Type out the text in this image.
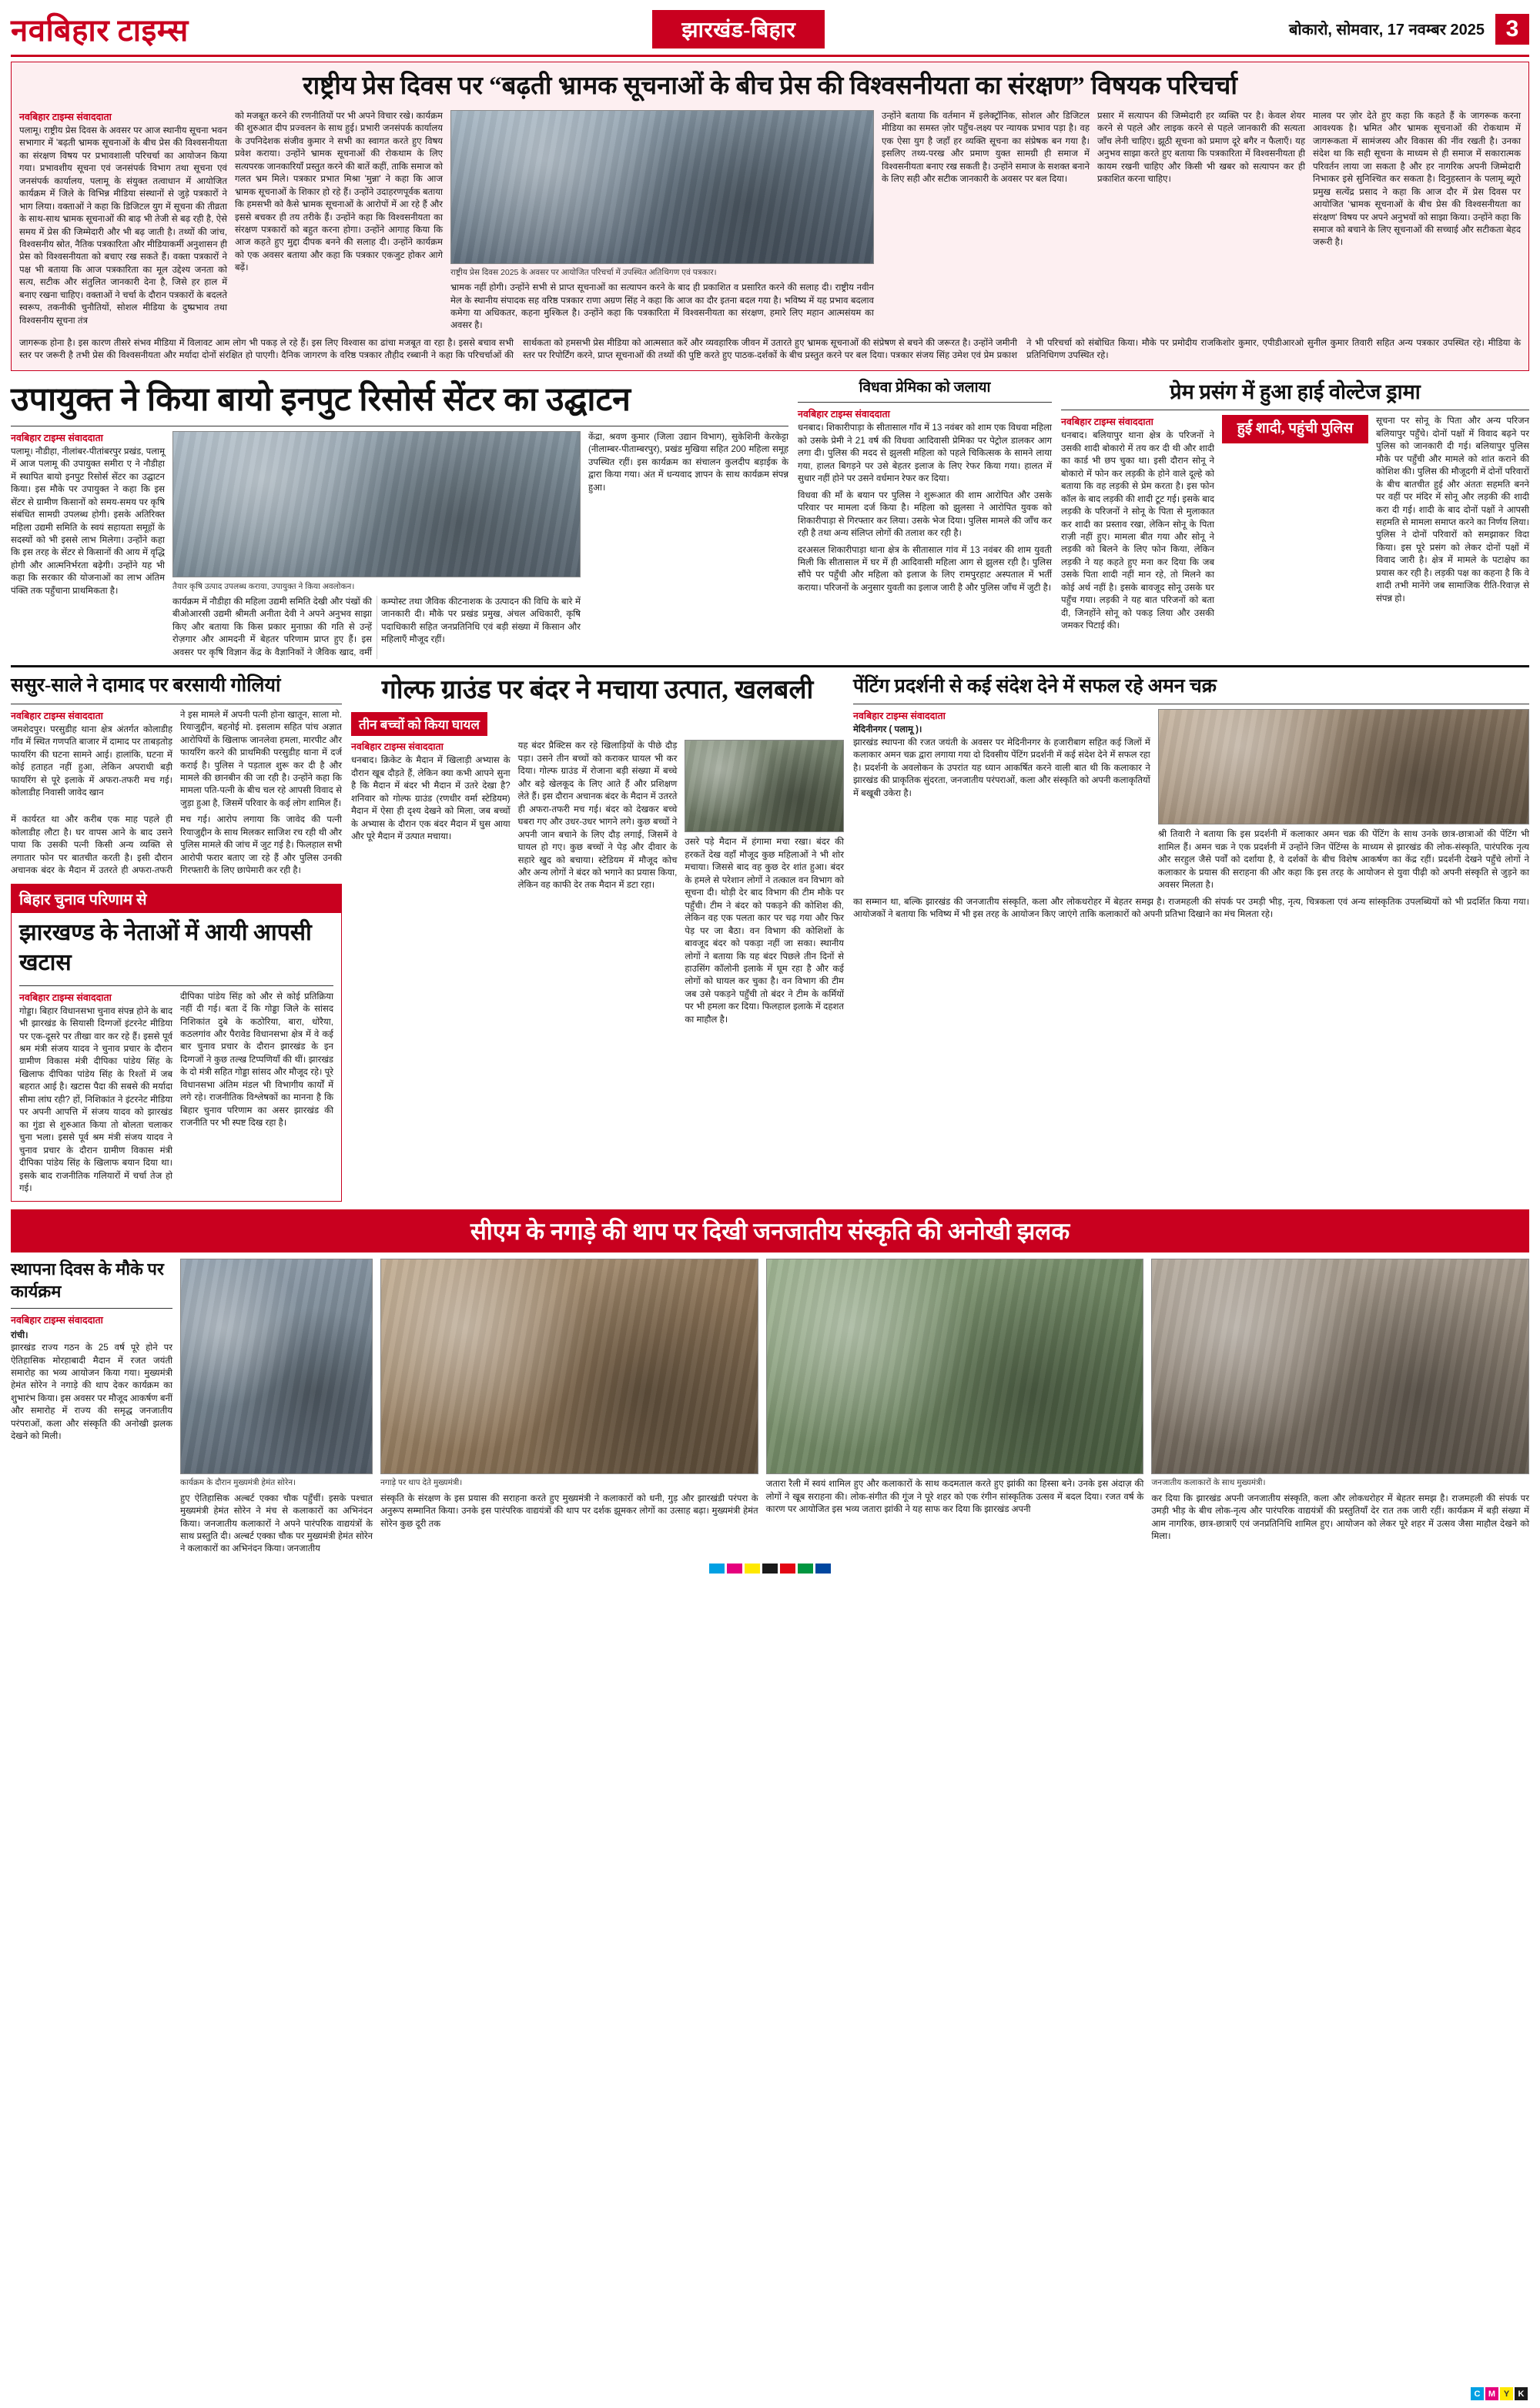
नवबिहार टाइम्स	झारखंड-बिहार	बोकारो, सोमवार, 17 नवम्बर 2025 3
राष्ट्रीय प्रेस दिवस पर “बढ़ती भ्रामक सूचनाओं के बीच प्रेस की विश्वसनीयता का संरक्षण” विषयक परिचर्चा
नवबिहार टाइम्स संवाददाता
पलामू। राष्ट्रीय प्रेस दिवस के अवसर पर आज स्थानीय सूचना भवन सभागार में 'बढ़ती भ्रामक सूचनाओं के बीच प्रेस की विश्वसनीयता का संरक्षण विषय पर प्रभावशाली परिचर्चा का आयोजन किया गया। प्रभावशीय सूचना एवं जनसंपर्क विभाग तथा सूचना एवं जनसंपर्क कार्यालय, पलामू के संयुक्त तत्वाधान में आयोजित कार्यक्रम में जिले के विभिन्न मीडिया संस्थानों से जुड़े पत्रकारों ने भाग लिया। वक्ताओं ने कहा कि डिजिटल युग में सूचना की तीव्रता के साथ-साथ भ्रामक सूचनाओं की बाढ़ भी तेजी से बढ़ रही है, ऐसे समय में प्रेस की जिम्मेदारी और भी बढ़ जाती है। तथ्यों की जांच, विश्वसनीय स्रोत, नैतिक पत्रकारिता और मीडियाकर्मी अनुशासन ही प्रेस को विश्वसनीयता को बचाए रख सकते हैं। वक्ता पत्रकारों ने पक्ष भी बताया कि आज पत्रकारिता का मूल उद्देश्य जनता को सत्य, सटीक और संतुलित जानकारी देना है, जिसे हर हाल में बनाए रखना चाहिए। वक्ताओं ने चर्चा के दौरान पत्रकारों के बदलते स्वरूप, तकनीकी चुनौतियों, सोशल मीडिया के दुष्प्रभाव तथा विश्वसनीय सूचना तंत्र
को मजबूत करने की रणनीतियों पर भी अपने विचार रखे। कार्यक्रम की शुरुआत दीप प्रज्वलन के साथ हुई। प्रभारी जनसंपर्क कार्यालय के उपनिदेशक संजीव कुमार ने सभी का स्वागत करते हुए विषय प्रवेश कराया। उन्होंने भ्रामक सूचनाओं की रोकथाम के लिए सत्यपरक जानकारियाँ प्रस्तुत करने की बातें कहीं, ताकि समाज को गलत भ्रम मिले। पत्रकार प्रभात मिश्रा 'मुन्ना' ने कहा कि आज भ्रामक सूचनाओं के शिकार हो रहे हैं। उन्होंने उदाहरणपूर्वक बताया कि हमसभी को कैसे भ्रामक सूचनाओं के आरोपों में आ रहे हैं और इससे बचकर ही तय तरीके हैं। उन्होंने कहा कि विश्वसनीयता का संरक्षण पत्रकारों को बहुत करना होगा। उन्होंने आगाह किया कि आज कहते हुए मुद्दा दीपक बनने की सलाह दी। उन्होंने कार्यक्रम को एक अवसर बताया और कहा कि पत्रकार एकजुट होकर आगे बढ़ें।	राष्ट्रीय प्रेस दिवस 2025 के अवसर पर आयोजित परिचर्चा में उपस्थित अतिथिगण एवं पत्रकार।
भ्रामक नहीं होगी। उन्होंने सभी से प्राप्त सूचनाओं का सत्यापन करने के बाद ही प्रकाशित व प्रसारित करने की सलाह दी। राष्ट्रीय नवीन मेल के स्थानीय संपादक सह वरिष्ठ पत्रकार राणा अग्रण सिंह ने कहा कि आज का दौर इतना बदल गया है। भविष्य में यह प्रभाव बदलाव कमेगा या अधिकतर, कहना मुश्किल है। उन्होंने कहा कि पत्रकारिता में विश्वसनीयता का संरक्षण, हमारे लिए महान आत्मसंयम का अवसर है।
उन्होंने बताया कि वर्तमान में इलेक्ट्रॉनिक, सोशल और डिजिटल मीडिया का समस्त ज़ोर पहुँच-लक्ष्य पर न्यायक प्रभाव पड़ा है। वह एक ऐसा युग है जहाँ हर व्यक्ति सूचना का संप्रेषक बन गया है। इसलिए तथ्य-परख और प्रमाण युक्त सामग्री ही समाज में विश्वसनीयता बनाए रख सकती है। उन्होंने समाज के सशक्त बनाने के लिए सही और सटीक जानकारी के अवसर पर बल दिया।
प्रसार में सत्यापन की जिम्मेदारी हर व्यक्ति पर है। केवल शेयर करने से पहले और लाइक करने से पहले जानकारी की सत्यता जाँच लेनी चाहिए। झूठी सूचना को प्रमाण दूरे बगैर न फैलाएँ। यह अनुभव साझा करते हुए बताया कि पत्रकारिता में विश्वसनीयता ही कायम रखनी चाहिए और किसी भी खबर को सत्यापन कर ही प्रकाशित करना चाहिए।
मालव पर ज़ोर देते हुए कहा कि कहते हैं के जागरूक करना आवश्यक है। भ्रमित और भ्रामक सूचनाओं की रोकथाम में जागरूकता में सामंजस्य और विकास की नींव रखती है। उनका संदेश था कि सही सूचना के माध्यम से ही समाज में सकारात्मक परिवर्तन लाया जा सकता है और हर नागरिक अपनी जिम्मेदारी निभाकर इसे सुनिश्चित कर सकता है। दिनुहस्तान के पलामू ब्यूरो प्रमुख सत्येंद्र प्रसाद ने कहा कि आज दौर में प्रेस दिवस पर आयोजित 'भ्रामक सूचनाओं के बीच प्रेस की विश्वसनीयता का संरक्षण' विषय पर अपने अनुभवों को साझा किया। उन्होंने कहा कि समाज को बचाने के लिए सूचनाओं की सच्चाई और सटीकता बेहद जरूरी है।
जागरूक होना है। इस कारण तीसरे संभव मीडिया में विलावट आम लोग भी पकड़ ले रहे हैं। इस लिए विश्वास का ढांचा मजबूत वा रहा है। इससे बचाव सभी स्तर पर जरूरी है तभी प्रेस की विश्वसनीयता और मर्यादा दोनों संरक्षित हो पाएगी। दैनिक जागरण के वरिष्ठ पत्रकार तौहीद रब्बानी ने कहा कि परिचर्चाओं की सार्थकता को हमसभी प्रेस मीडिया को आत्मसात करें और व्यवहारिक जीवन में उतारते हुए भ्रामक सूचनाओं की संप्रेषण से बचने की जरूरत है। उन्होंने जमीनी स्तर पर रिपोर्टिंग करने, प्राप्त सूचनाओं की तथ्यों की पुष्टि करते हुए पाठक-दर्शकों के बीच प्रस्तुत करने पर बल दिया। पत्रकार संजय सिंह उमेश एवं प्रेम प्रकाश ने भी परिचर्चा को संबोधित किया। मौके पर प्रमोदीय राजकिशोर कुमार, एपीडीआरओ सुनील कुमार तिवारी सहित अन्य पत्रकार उपस्थित रहे। मीडिया के प्रतिनिधिगण उपस्थित रहे।
उपायुक्त ने किया बायो इनपुट रिसोर्स सेंटर का उद्घाटन
नवबिहार टाइम्स संवाददाता
पलामू। नौडीहा, नीलांबर-पीतांबरपुर प्रखंड, पलामू में आज पलामू की उपायुक्त समीरा ए ने नौडीहा में स्थापित बायो इनपुट रिसोर्स सेंटर का उद्घाटन किया। इस मौके पर उपायुक्त ने कहा कि इस सेंटर से ग्रामीण किसानों को समय-समय पर कृषि संबंधित सामग्री उपलब्ध होगी। इसके अतिरिक्त महिला उद्यमी समिति के स्वयं सहायता समूहों के सदस्यों को भी इससे लाभ मिलेगा। उन्होंने कहा कि इस तरह के सेंटर से किसानों की आय में वृद्धि होगी और आत्मनिर्भरता बढ़ेगी। उन्होंने यह भी कहा कि सरकार की योजनाओं का लाभ अंतिम पंक्ति तक पहुँचाना प्राथमिकता है।	तैयार कृषि उत्पाद उपलब्ध कराया, उपायुक्त ने किया अवलोकन।
कार्यक्रम में नौडीहा की महिला उद्यमी समिति देखी और पंखों की बीओआरसी उद्यमी श्रीमती अनीता देवी ने अपने अनुभव साझा किए और बताया कि किस प्रकार मुनाफ़ा की गति से उन्हें रोज़गार और आमदनी में बेहतर परिणाम प्राप्त हुए हैं। इस अवसर पर कृषि विज्ञान केंद्र के वैज्ञानिकों ने जैविक खाद, वर्मी कम्पोस्ट तथा जैविक कीटनाशक के उत्पादन की विधि के बारे में जानकारी दी। मौके पर प्रखंड प्रमुख, अंचल अधिकारी, कृषि पदाधिकारी सहित जनप्रतिनिधि एवं बड़ी संख्या में किसान और महिलाएँ मौजूद रहीं।
केंद्रा, श्रवण कुमार (जिला उद्यान विभाग), सुकेशिनी केरकेट्टा (नीलाम्बर-पीताम्बरपुर), प्रखंड मुखिया सहित 200 महिला समूह उपस्थित रहीं। इस कार्यक्रम का संचालन कुलदीप बड़ाईक के द्वारा किया गया। अंत में धन्यवाद ज्ञापन के साथ कार्यक्रम संपन्न हुआ।
विधवा प्रेमिका को जलाया
नवबिहार टाइम्स संवाददाता
धनबाद। शिकारीपाड़ा के सीतासाल गाँव में 13 नवंबर को शाम एक विधवा महिला को उसके प्रेमी ने 21 वर्ष की विधवा आदिवासी प्रेमिका पर पेट्रोल डालकर आग लगा दी। पुलिस की मदद से झुलसी महिला को पहले चिकित्सक के सामने लाया गया, हालत बिगड़ने पर उसे बेहतर इलाज के लिए रेफर किया गया। हालत में सुधार नहीं होने पर उसने वर्धमान रेफर कर दिया।
विधवा की माँ के बयान पर पुलिस ने शुरूआत की शाम आरोपित और उसके परिवार पर मामला दर्ज किया है। महिला को झुलसा ने आरोपित युवक को शिकारीपाड़ा से गिरफ्तार कर लिया। उसके भेज दिया। पुलिस मामले की जाँच कर रही है तथा अन्य संलिप्त लोगों की तलाश कर रही है।
दरअसल शिकारीपाड़ा थाना क्षेत्र के सीतासाल गांव में 13 नवंबर की शाम युवती मिली कि सीतासाल में घर में ही आदिवासी महिला आग से झुलस रही है। पुलिस सौंपे पर पहुँची और महिला को इलाज के लिए रामपुरहाट अस्पताल में भर्ती कराया। परिजनों के अनुसार युवती का इलाज जारी है और पुलिस जाँच में जुटी है।
प्रेम प्रसंग में हुआ हाई वोल्टेज ड्रामा
नवबिहार टाइम्स संवाददाता
धनबाद। बलियापुर थाना क्षेत्र के परिजनों ने उसकी शादी बोकारो में तय कर दी थी और शादी का कार्ड भी छप चुका था। इसी दौरान सोनू ने बोकारो में फोन कर लड़की के होने वाले दूल्हे को बताया कि वह लड़की से प्रेम करता है। इस फोन कॉल के बाद लड़की की शादी टूट गई। इसके बाद लड़की के परिजनों ने सोनू के पिता से मुलाकात कर शादी का प्रस्ताव रखा, लेकिन सोनू के पिता राज़ी नहीं हुए। मामला बीत गया और सोनू ने लड़की को बिलने के लिए फोन किया, लेकिन लड़की ने यह कहते हुए मना कर दिया कि जब उसके पिता शादी नहीं मान रहे, तो मिलने का कोई अर्थ नहीं है। इसके बावजूद सोनू उसके घर पहुँच गया। लड़की ने यह बात परिजनों को बता दी, जिनहोंने सोनू को पकड़ लिया और उसकी जमकर पिटाई की।
हुई शादी, पहुंची पुलिस	सूचना पर सोनू के पिता और अन्य परिजन बलियापुर पहुँचे। दोनों पक्षों में विवाद बढ़ने पर पुलिस को जानकारी दी गई। बलियापुर पुलिस मौके पर पहुँची और मामले को शांत कराने की कोशिश की। पुलिस की मौजूदगी में दोनों परिवारों के बीच बातचीत हुई और अंततः सहमति बनने पर वहीं पर मंदिर में सोनू और लड़की की शादी करा दी गई। शादी के बाद दोनों पक्षों ने आपसी सहमति से मामला समाप्त करने का निर्णय लिया। पुलिस ने दोनों परिवारों को समझाकर विदा किया। इस पूरे प्रसंग को लेकर दोनों पक्षों में विवाद जारी है। क्षेत्र में मामले के पटाक्षेप का प्रयास कर रही है। लड़की पक्ष का कहना है कि वे शादी तभी मानेंगे जब सामाजिक रीति-रिवाज़ से संपन्न हो।
ससुर-साले ने दामाद पर बरसायी गोलियां
नवबिहार टाइम्स संवाददाता
जमशेदपुर। परसुडीह थाना क्षेत्र अंतर्गत कोलाडीह गाँव में स्थित गणपति बाजार में दामाद पर ताबड़तोड़ फायरिंग की घटना सामने आई। हालांकि, घटना में कोई हताहत नहीं हुआ, लेकिन अपराधी बड़ी फायरिंग से पूरे इलाके में अफरा-तफरी मच गई। कोलाडीह निवासी जावेद खान
ने इस मामले में अपनी पत्नी होना खातून, साला मो. रियाजुद्दीन, बहनोई मो. इसलाम सहित पांच अज्ञात आरोपियों के खिलाफ जानलेवा हमला, मारपीट और फायरिंग करने की प्राथमिकी परसुडीह थाना में दर्ज कराई है। पुलिस ने पड़ताल शुरू कर दी है और मामले की छानबीन की जा रही है। उन्होंने कहा कि मामला पति-पत्नी के बीच चल रहे आपसी विवाद से जुड़ा हुआ है, जिसमें परिवार के कई लोग शामिल हैं।
में कार्यरत था और करीब एक माह पहले ही कोलाडीह लौटा है। घर वापस आने के बाद उसने पाया कि उसकी पत्नी किसी अन्य व्यक्ति से लगातार फोन पर बातचीत करती है। इसी दौरान अचानक बंदर के मैदान में उतरते ही अफरा-तफरी मच गई। आरोप लगाया कि जावेद की पत्नी रियाजुद्दीन के साथ मिलकर साजिश रच रही थी और पुलिस मामले की जांच में जुट गई है। फिलहाल सभी आरोपी फरार बताए जा रहे हैं और पुलिस उनकी गिरफ्तारी के लिए छापेमारी कर रही है।
बिहार चुनाव परिणाम से
झारखण्ड के नेताओं में आयी आपसी खटास
नवबिहार टाइम्स संवाददाता
गोड्डा। बिहार विधानसभा चुनाव संपन्न होने के बाद भी झारखंड के सियासी दिग्गजों इंटरनेट मीडिया पर एक-दूसरे पर तीखा वार कर रहे हैं। इससे पूर्व श्रम मंत्री संजय यादव ने चुनाव प्रचार के दौरान ग्रामीण विकास मंत्री दीपिका पांडेय सिंह के खिलाफ दीपिका पांडेय सिंह के रिश्तों में जब बहरात आई है। खटास पैदा की सबसे की मर्यादा सीमा लांघ रही? हों, निशिकांत ने इंटरनेट मीडिया पर अपनी आपत्ति में संजय यादव को झारखंड का गुंडा से शुरुआत किया तो बोलता चलाकर चुना भला। इससे पूर्व श्रम मंत्री संजय यादव ने चुनाव प्रचार के दौरान ग्रामीण विकास मंत्री दीपिका पांडेय सिंह के खिलाफ बयान दिया था। इसके बाद राजनीतिक गलियारों में चर्चा तेज हो गई।
दीपिका पांडेय सिंह को और से कोई प्रतिक्रिया नहीं दी गई। बता दें कि गोड्डा जिले के सांसद निशिकांत दुबे के कठोरिया, बारा, धोरैया, कठलगांव और पैरावेड विधानसभा क्षेत्र में वे कई बार चुनाव प्रचार के दौरान झारखंड के इन दिग्गजों ने कुछ तल्ख टिप्पणियाँ की थीं। झारखंड के दो मंत्री सहित गोड्डा सांसद और मौजूद रहे। पूरे विधानसभा अंतिम मंडल भी विभागीय कार्यों में लगे रहे। राजनीतिक विश्लेषकों का मानना है कि बिहार चुनाव परिणाम का असर झारखंड की राजनीति पर भी स्पष्ट दिख रहा है।
गोल्फ ग्राउंड पर बंदर ने मचाया उत्पात, खलबली
तीन बच्चों को किया घायल
नवबिहार टाइम्स संवाददाता
धनबाद। क्रिकेट के मैदान में खिलाड़ी अभ्यास के दौरान खूब दौड़ते हैं, लेकिन क्या कभी आपने सुना है कि मैदान में बंदर भी मैदान में उतरे देखा है? शनिवार को गोल्फ ग्राउंड (रणधीर वर्मा स्टेडियम) मैदान में ऐसा ही दृश्य देखने को मिला, जब बच्चों के अभ्यास के दौरान एक बंदर मैदान में घुस आया और पूरे मैदान में उत्पात मचाया।
यह बंदर प्रैक्टिस कर रहे खिलाड़ियों के पीछे दौड़ पड़ा। उसने तीन बच्चों को कराकर घायल भी कर दिया। गोल्फ ग्राउंड में रोजाना बड़ी संख्या में बच्चे और बड़े खेलकूद के लिए आते हैं और प्रशिक्षण लेते हैं। इस दौरान अचानक बंदर के मैदान में उतरते ही अफरा-तफरी मच गई। बंदर को देखकर बच्चे घबरा गए और उधर-उधर भागने लगे। कुछ बच्चों ने अपनी जान बचाने के लिए दौड़ लगाई, जिसमें वे घायल हो गए। कुछ बच्चों ने पेड़ और दीवार के सहारे खुद को बचाया। स्टेडियम में मौजूद कोच और अन्य लोगों ने बंदर को भगाने का प्रयास किया, लेकिन वह काफी देर तक मैदान में डटा रहा।
उसरे पड़े मैदान में हंगामा मचा रखा। बंदर की हरकतें देख वहाँ मौजूद कुछ महिलाओं ने भी शोर मचाया। जिससे बाद वह कुछ देर शांत हुआ। बंदर के हमले से परेशान लोगों ने तत्काल वन विभाग को सूचना दी। थोड़ी देर बाद विभाग की टीम मौके पर पहुँची। टीम ने बंदर को पकड़ने की कोशिश की, लेकिन वह एक पलता कार पर चढ़ गया और फिर पेड़ पर जा बैठा। वन विभाग की कोशिशों के बावजूद बंदर को पकड़ा नहीं जा सका। स्थानीय लोगों ने बताया कि यह बंदर पिछले तीन दिनों से हाउसिंग कॉलोनी इलाके में घूम रहा है और कई लोगों को घायल कर चुका है। वन विभाग की टीम जब उसे पकड़ने पहुँची तो बंदर ने टीम के कर्मियों पर भी हमला कर दिया। फिलहाल इलाके में दहशत का माहौल है।
पेंटिंग प्रदर्शनी से कई संदेश देने में सफल रहे अमन चक्र
नवबिहार टाइम्स संवाददाता
मेदिनीनगर ( पलामू )।
झारखंड स्थापना की रजत जयंती के अवसर पर मेदिनीनगर के हजारीबाग सहित कई जिलों में कलाकार अमन चक्र द्वारा लगाया गया दो दिवसीय पेंटिंग प्रदर्शनी में कई संदेश देने में सफल रहा है। प्रदर्शनी के अवलोकन के उपरांत यह ध्यान आकर्षित करने वाली बात थी कि कलाकार ने झारखंड की प्राकृतिक सुंदरता, जनजातीय परंपराओं, कला और संस्कृति को अपनी कलाकृतियों में बखूबी उकेरा है।
श्री तिवारी ने बताया कि इस प्रदर्शनी में कलाकार अमन चक्र की पेंटिंग के साथ उनके छात्र-छात्राओं की पेंटिंग भी शामिल हैं। अमन चक्र ने एक प्रदर्शनी में उन्होंने जिन पेंटिंग्स के माध्यम से झारखंड की लोक-संस्कृति, पारंपरिक नृत्य और सरहुल जैसे पर्वों को दर्शाया है, वे दर्शकों के बीच विशेष आकर्षण का केंद्र रहीं। प्रदर्शनी देखने पहुँचे लोगों ने कलाकार के प्रयास की सराहना की और कहा कि इस तरह के आयोजन से युवा पीढ़ी को अपनी संस्कृति से जुड़ने का अवसर मिलता है।
का सम्मान था, बल्कि झारखंड की जनजातीय संस्कृति, कला और लोकधरोहर में बेहतर समझ है। राजमहली की संपर्क पर उमड़ी भीड़, नृत्य, चित्रकला एवं अन्य सांस्कृतिक उपलब्धियों को भी प्रदर्शित किया गया। आयोजकों ने बताया कि भविष्य में भी इस तरह के आयोजन किए जाएंगे ताकि कलाकारों को अपनी प्रतिभा दिखाने का मंच मिलता रहे।
सीएम के नगाड़े की थाप पर दिखी जनजातीय संस्कृति की अनोखी झलक
स्थापना दिवस के मौके पर कार्यक्रम
नवबिहार टाइम्स संवाददाता
रांची।
झारखंड राज्य गठन के 25 वर्ष पूरे होने पर ऐतिहासिक मोरहाबादी मैदान में रजत जयंती समारोह का भव्य आयोजन किया गया। मुख्यमंत्री हेमंत सोरेन ने नगाड़े की थाप देकर कार्यक्रम का शुभारंभ किया। इस अवसर पर मौजूद आकर्षण बनीं और समारोह में राज्य की समृद्ध जनजातीय परंपराओं, कला और संस्कृति की अनोखी झलक देखने को मिली।
कार्यक्रम के दौरान मुख्यमंत्री हेमंत सोरेन।
हुए ऐतिहासिक अल्बर्ट एक्का चौक पहुँचीं। इसके पश्चात मुख्यमंत्री हेमंत सोरेन ने मंच से कलाकारों का अभिनंदन किया। जनजातीय कलाकारों ने अपने पारंपरिक वाद्ययंत्रों के साथ प्रस्तुति दी। अल्बर्ट एक्का चौक पर मुख्यमंत्री हेमंत सोरेन ने कलाकारों का अभिनंदन किया। जनजातीय
नगाड़े पर थाप देते मुख्यमंत्री।
संस्कृति के संरक्षण के इस प्रयास की सराहना करते हुए मुख्यमंत्री ने कलाकारों को धनी, गुड़ और झारखंडी परंपरा के अनुरूप सम्मानित किया। उनके इस पारंपरिक वाद्ययंत्रों की थाप पर दर्शक झूमकर लोगों का उत्साह बढ़ा। मुख्यमंत्री हेमंत सोरेन कुछ दूरी तक
जतारा रैली में स्वयं शामिल हुए और कलाकारों के साथ कदमताल करते हुए झांकी का हिस्सा बने। उनके इस अंदाज़ की लोगों ने खूब सराहना की। लोक-संगीत की गूंज ने पूरे शहर को एक रंगीन सांस्कृतिक उत्सव में बदल दिया। रजत वर्ष के कारण पर आयोजित इस भव्य जतारा झांकी ने यह साफ कर दिया कि झारखंड अपनी
जनजातीय कलाकारों के साथ मुख्यमंत्री।
कर दिया कि झारखंड अपनी जनजातीय संस्कृति, कला और लोकधरोहर में बेहतर समझ है। राजमहली की संपर्क पर उमड़ी भीड़ के बीच लोक-नृत्य और पारंपरिक वाद्ययंत्रों की प्रस्तुतियाँ देर रात तक जारी रहीं। कार्यक्रम में बड़ी संख्या में आम नागरिक, छात्र-छात्राएँ एवं जनप्रतिनिधि शामिल हुए। आयोजन को लेकर पूरे शहर में उत्सव जैसा माहौल देखने को मिला।
C M Y	K
